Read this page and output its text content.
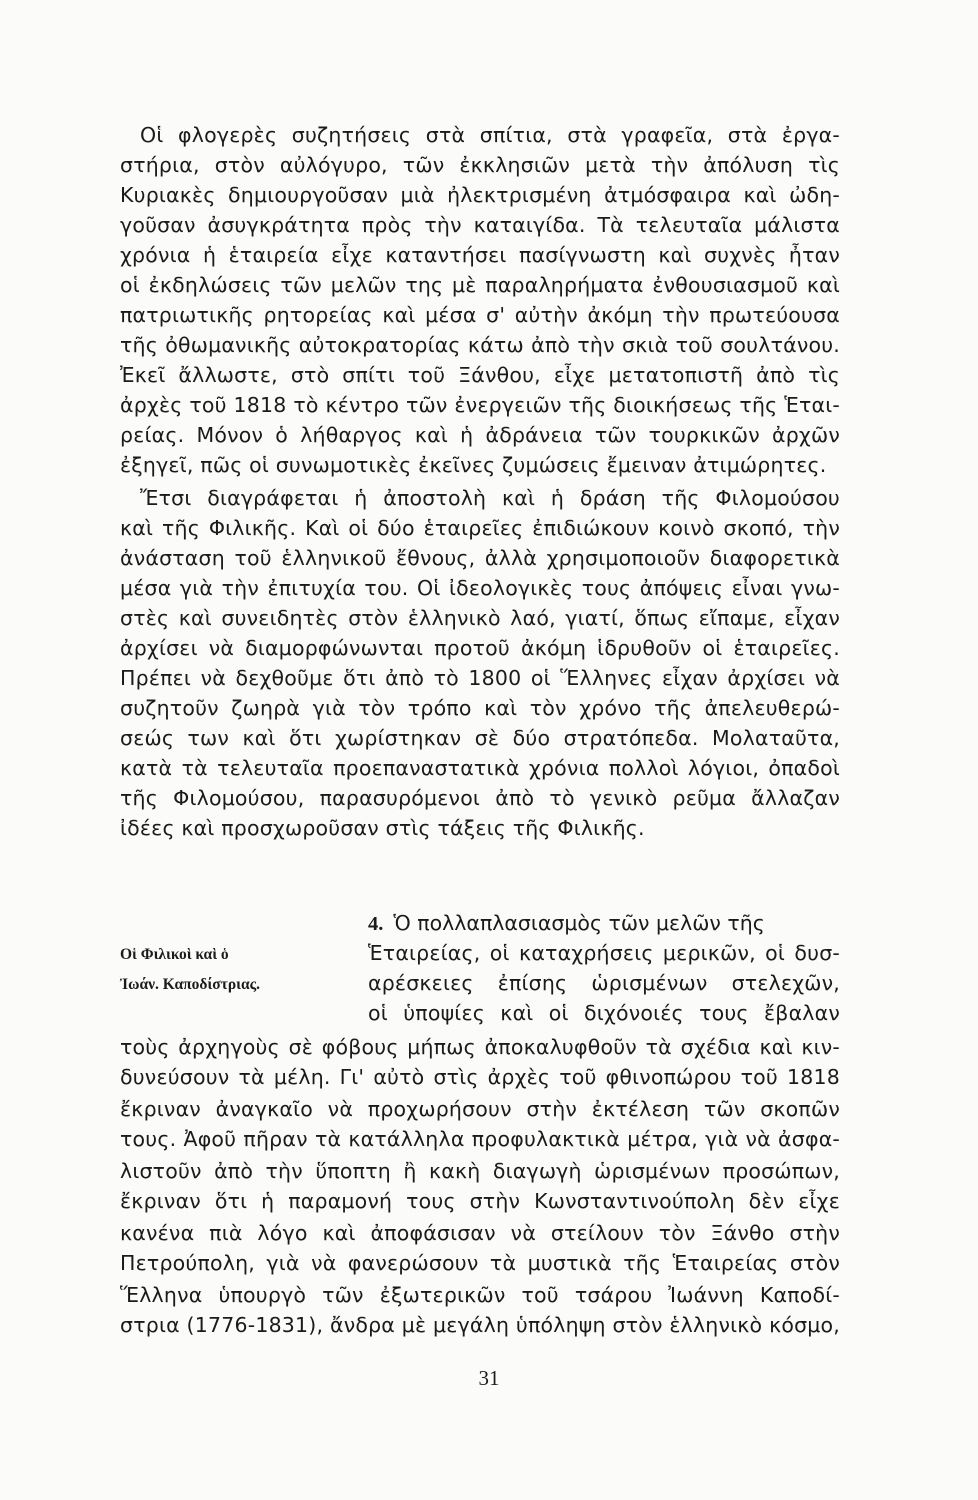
Οἱ φλογερὲς συζητήσεις στὰ σπίτια, στὰ γραφεῖα, στὰ ἐργα-
στήρια, στὸν αὐλόγυρο, τῶν ἐκκλησιῶν μετὰ τὴν ἀπόλυση τὶς
Κυριακὲς δημιουργοῦσαν μιὰ ἠλεκτρισμένη ἀτμόσφαιρα καὶ ὠδη-
γοῦσαν ἀσυγκράτητα πρὸς τὴν καταιγίδα. Τὰ τελευταῖα μάλιστα
χρόνια ἡ ἑταιρεία εἶχε καταντήσει πασίγνωστη καὶ συχνὲς ἦταν
οἱ ἐκδηλώσεις τῶν μελῶν της μὲ παραληρήματα ἐνθουσιασμοῦ καὶ
πατριωτικῆς ρητορείας καὶ μέσα σ' αὐτὴν ἀκόμη τὴν πρωτεύουσα
τῆς ὀθωμανικῆς αὐτοκρατορίας κάτω ἀπὸ τὴν σκιὰ τοῦ σουλτάνου.
Ἐκεῖ ἄλλωστε, στὸ σπίτι τοῦ Ξάνθου, εἶχε μετατοπιστῆ ἀπὸ τὶς
ἀρχὲς τοῦ 1818 τὸ κέντρο τῶν ἐνεργειῶν τῆς διοικήσεως τῆς Ἑται-
ρείας. Μόνον ὁ λήθαργος καὶ ἡ ἀδράνεια τῶν τουρκικῶν ἀρχῶν
ἐξηγεῖ, πῶς οἱ συνωμοτικὲς ἐκεῖνες ζυμώσεις ἔμειναν ἀτιμώρητες.
Ἔτσι διαγράφεται ἡ ἀποστολὴ καὶ ἡ δράση τῆς Φιλομούσου
καὶ τῆς Φιλικῆς. Καὶ οἱ δύο ἑταιρεῖες ἐπιδιώκουν κοινὸ σκοπό, τὴν
ἀνάσταση τοῦ ἑλληνικοῦ ἔθνους, ἀλλὰ χρησιμοποιοῦν διαφορετικὰ
μέσα γιὰ τὴν ἐπιτυχία του. Οἱ ἰδεολογικὲς τους ἀπόψεις εἶναι γνω-
στὲς καὶ συνειδητὲς στὸν ἑλληνικὸ λαό, γιατί, ὅπως εἴπαμε, εἶχαν
ἀρχίσει νὰ διαμορφώνωνται προτοῦ ἀκόμη ἱδρυθοῦν οἱ ἑταιρεῖες.
Πρέπει νὰ δεχθοῦμε ὅτι ἀπὸ τὸ 1800 οἱ Ἕλληνες εἶχαν ἀρχίσει νὰ
συζητοῦν ζωηρὰ γιὰ τὸν τρόπο καὶ τὸν χρόνο τῆς ἀπελευθερώ-
σεώς των καὶ ὅτι χωρίστηκαν σὲ δύο στρατόπεδα. Μολαταῦτα,
κατὰ τὰ τελευταῖα προεπαναστατικὰ χρόνια πολλοὶ λόγιοι, ὀπαδοὶ
τῆς Φιλομούσου, παρασυρόμενοι ἀπὸ τὸ γενικὸ ρεῦμα ἄλλαζαν
ἰδέες καὶ προσχωροῦσαν στὶς τάξεις τῆς Φιλικῆς.
4. Ὁ πολλαπλασιασμὸς τῶν μελῶν τῆς
Οἱ Φιλικοὶ καὶ ὁ
Ἰωάν. Καποδίστριας.
Ἑταιρείας, οἱ καταχρήσεις μερικῶν, οἱ δυσ-
αρέσκειες ἐπίσης ὡρισμένων στελεχῶν,
οἱ ὑποψίες καὶ οἱ διχόνοιές τους ἔβαλαν
τοὺς ἀρχηγοὺς σὲ φόβους μήπως ἀποκαλυφθοῦν τὰ σχέδια καὶ κιν-
δυνεύσουν τὰ μέλη. Γι' αὐτὸ στὶς ἀρχὲς τοῦ φθινοπώρου τοῦ 1818
ἔκριναν ἀναγκαῖο νὰ προχωρήσουν στὴν ἐκτέλεση τῶν σκοπῶν
τους. Ἀφοῦ πῆραν τὰ κατάλληλα προφυλακτικὰ μέτρα, γιὰ νὰ ἀσφα-
λιστοῦν ἀπὸ τὴν ὕποπτη ἢ κακὴ διαγωγὴ ὡρισμένων προσώπων,
ἔκριναν ὅτι ἡ παραμονή τους στὴν Κωνσταντινούπολη δὲν εἶχε
κανένα πιὰ λόγο καὶ ἀποφάσισαν νὰ στείλουν τὸν Ξάνθο στὴν
Πετρούπολη, γιὰ νὰ φανερώσουν τὰ μυστικὰ τῆς Ἑταιρείας στὸν
Ἕλληνα ὑπουργὸ τῶν ἐξωτερικῶν τοῦ τσάρου Ἰωάννη Καποδί-
στρια (1776-1831), ἄνδρα μὲ μεγάλη ὑπόληψη στὸν ἑλληνικὸ κόσμο,
31
